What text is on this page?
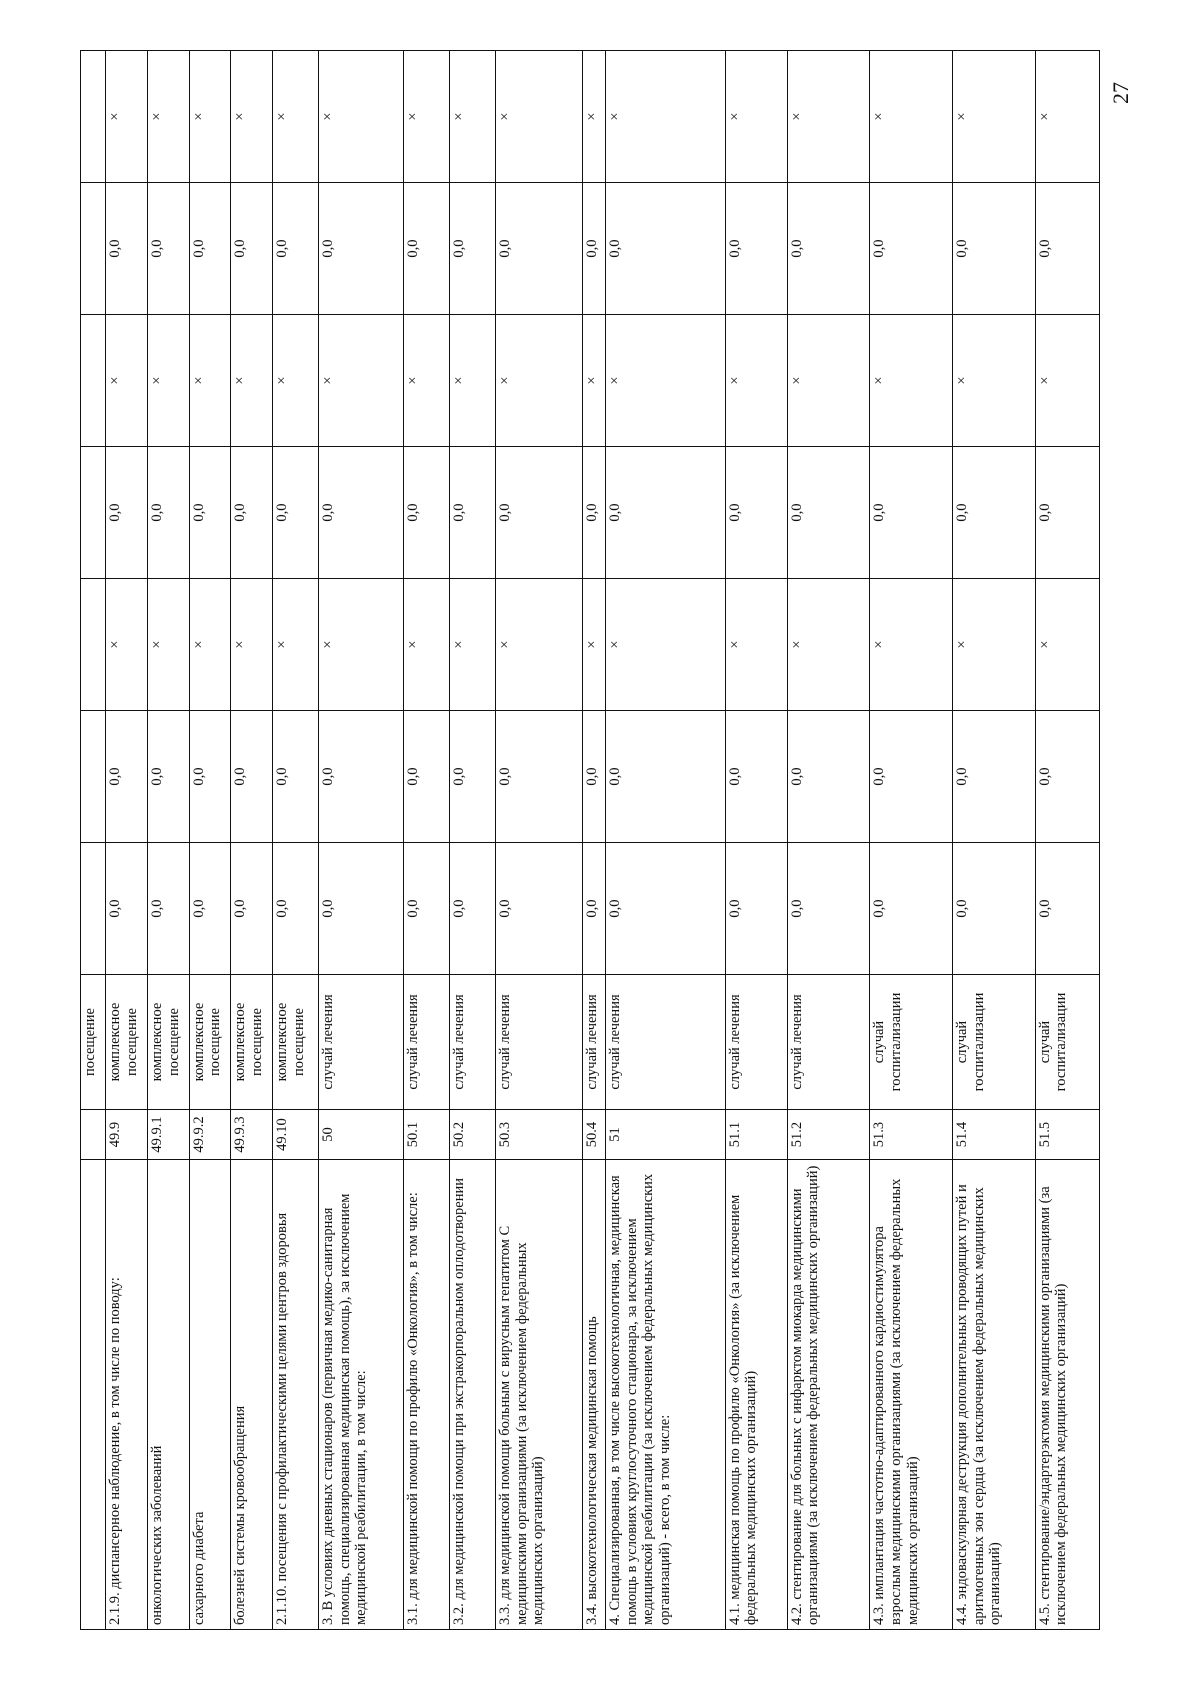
27
		посещение							
2.1.9. диспансерное наблюдение, в том числе по поводу:	49.9	комплексное посещение	0,0	0,0	×	0,0	×	0,0	×
онкологических заболеваний	49.9.1	комплексное посещение	0,0	0,0	×	0,0	×	0,0	×
сахарного диабета	49.9.2	комплексное посещение	0,0	0,0	×	0,0	×	0,0	×
болезней системы кровообращения	49.9.3	комплексное посещение	0,0	0,0	×	0,0	×	0,0	×
2.1.10. посещения с профилактическими целями центров здоровья	49.10	комплексное посещение	0,0	0,0	×	0,0	×	0,0	×
3. В условиях дневных стационаров (первичная медико-санитарная помощь, специализированная медицинская помощь), за исключением медицинской реабилитации, в том числе:	50	случай лечения	0,0	0,0	×	0,0	×	0,0	×
3.1. для медицинской помощи по профилю «Онкология», в том числе:	50.1	случай лечения	0,0	0,0	×	0,0	×	0,0	×
3.2. для медицинской помощи при экстракорпоральном оплодотворении	50.2	случай лечения	0,0	0,0	×	0,0	×	0,0	×
3.3. для медицинской помощи больным с вирусным гепатитом С медицинскими организациями (за исключением федеральных медицинских организаций)	50.3	случай лечения	0,0	0,0	×	0,0	×	0,0	×
3.4. высокотехнологическая медицинская помощь	50.4	случай лечения	0,0	0,0	×	0,0	×	0,0	×
4. Специализированная, в том числе высокотехнологичная, медицинская помощь в условиях круглосуточного стационара, за исключением медицинской реабилитации (за исключением федеральных медицинских организаций) - всего, в том числе:	51	случай лечения	0,0	0,0	×	0,0	×	0,0	×
4.1. медицинская помощь по профилю «Онкология» (за исключением федеральных медицинских организаций)	51.1	случай лечения	0,0	0,0	×	0,0	×	0,0	×
4.2. стентирование для больных с инфарктом миокарда медицинскими организациями (за исключением федеральных медицинских организаций)	51.2	случай лечения	0,0	0,0	×	0,0	×	0,0	×
4.3. имплантация частотно-адаптированного кардиостимулятора взрослым медицинскими организациями (за исключением федеральных медицинских организаций)	51.3	случай госпитализации	0,0	0,0	×	0,0	×	0,0	×
4.4. эндоваскулярная деструкция дополнительных проводящих путей и аритмогенных зон сердца (за исключением федеральных медицинских организаций)	51.4	случай госпитализации	0,0	0,0	×	0,0	×	0,0	×
4.5. стентирование/эндартерэктомия медицинскими организациями (за исключением федеральных медицинских организаций)	51.5	случай госпитализации	0,0	0,0	×	0,0	×	0,0	×
